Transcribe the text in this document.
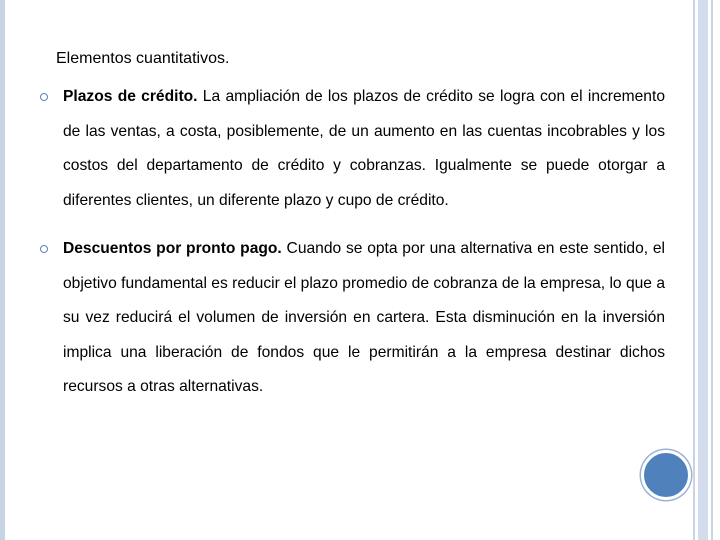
Elementos cuantitativos.
Plazos de crédito. La ampliación de los plazos de crédito se logra con el incremento de las ventas, a costa, posiblemente, de un aumento en las cuentas incobrables y los costos del departamento de crédito y cobranzas. Igualmente se puede otorgar a diferentes clientes, un diferente plazo y cupo de crédito.
Descuentos por pronto pago. Cuando se opta por una alternativa en este sentido, el objetivo fundamental es reducir el plazo promedio de cobranza de la empresa, lo que a su vez reducirá el volumen de inversión en cartera. Esta disminución en la inversión implica una liberación de fondos que le permitirán a la empresa destinar dichos recursos a otras alternativas.
